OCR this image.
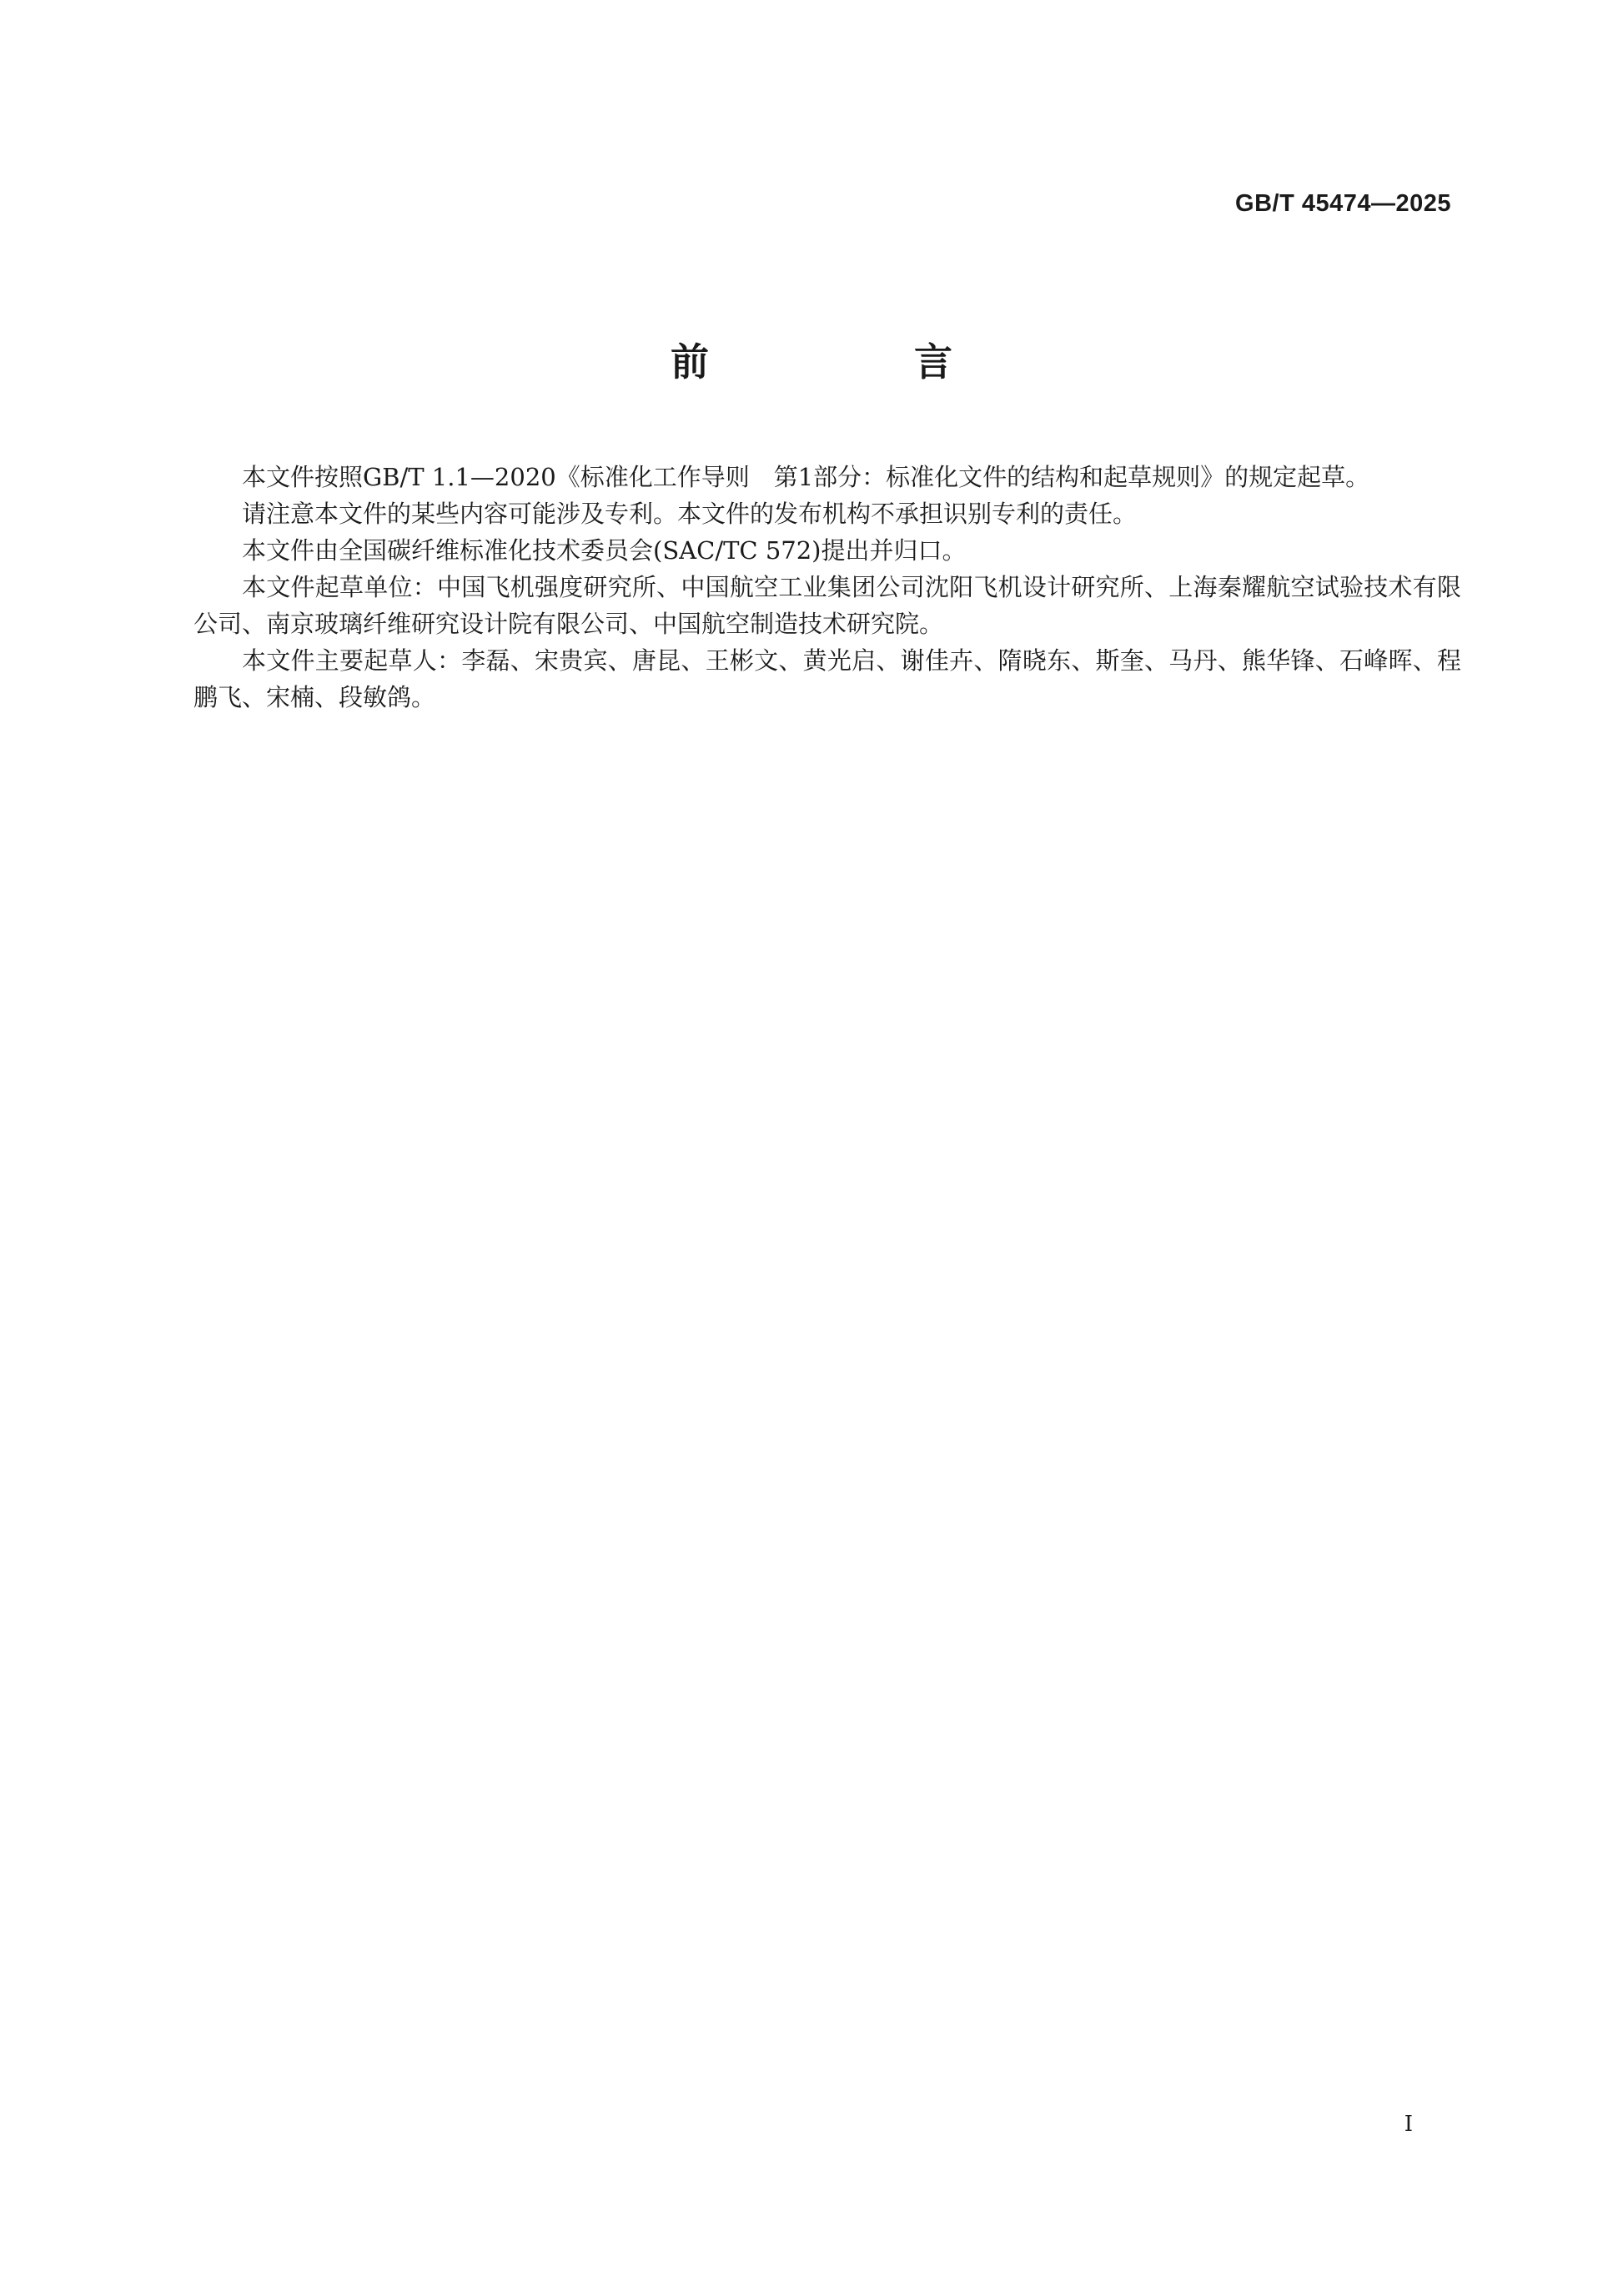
GB/T 45474—2025
前　言

本文件按照GB/T 1.1—2020《标准化工作导则　第1部分：标准化文件的结构和起草规则》的规定起草。

请注意本文件的某些内容可能涉及专利。本文件的发布机构不承担识别专利的责任。

本文件由全国碳纤维标准化技术委员会(SAC/TC 572)提出并归口。

本文件起草单位：中国飞机强度研究所、中国航空工业集团公司沈阳飞机设计研究所、上海秦耀航空试验技术有限公司、南京玻璃纤维研究设计院有限公司、中国航空制造技术研究院。

本文件主要起草人：李磊、宋贵宾、唐昆、王彬文、黄光启、谢佳卉、隋晓东、斯奎、马丹、熊华锋、石峰晖、程鹏飞、宋楠、段敏鸽。

I
